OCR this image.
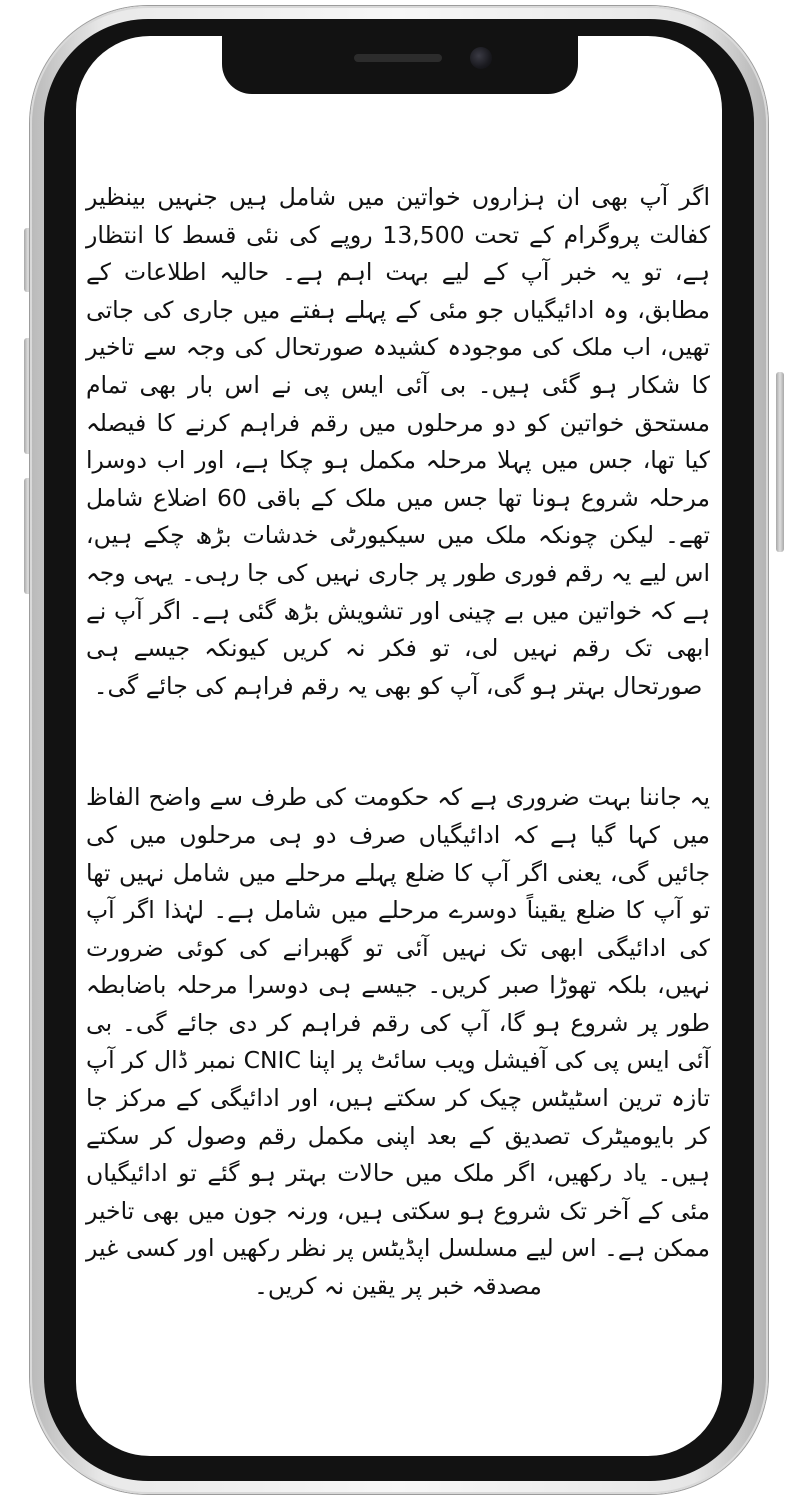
اگر آپ بھی ان ہزاروں خواتین میں شامل ہیں جنہیں بینظیر کفالت پروگرام کے تحت 13,500 روپے کی نئی قسط کا انتظار ہے، تو یہ خبر آپ کے لیے بہت اہم ہے۔ حالیہ اطلاعات کے مطابق، وہ ادائیگیاں جو مئی کے پہلے ہفتے میں جاری کی جاتی تھیں، اب ملک کی موجودہ کشیدہ صورتحال کی وجہ سے تاخیر کا شکار ہو گئی ہیں۔ بی آئی ایس پی نے اس بار بھی تمام مستحق خواتین کو دو مرحلوں میں رقم فراہم کرنے کا فیصلہ کیا تھا، جس میں پہلا مرحلہ مکمل ہو چکا ہے، اور اب دوسرا مرحلہ شروع ہونا تھا جس میں ملک کے باقی 60 اضلاع شامل تھے۔ لیکن چونکہ ملک میں سیکیورٹی خدشات بڑھ چکے ہیں، اس لیے یہ رقم فوری طور پر جاری نہیں کی جا رہی۔ یہی وجہ ہے کہ خواتین میں بے چینی اور تشویش بڑھ گئی ہے۔ اگر آپ نے ابھی تک رقم نہیں لی، تو فکر نہ کریں کیونکہ جیسے ہی صورتحال بہتر ہو گی، آپ کو بھی یہ رقم فراہم کی جائے گی۔

یہ جاننا بہت ضروری ہے کہ حکومت کی طرف سے واضح الفاظ میں کہا گیا ہے کہ ادائیگیاں صرف دو ہی مرحلوں میں کی جائیں گی، یعنی اگر آپ کا ضلع پہلے مرحلے میں شامل نہیں تھا تو آپ کا ضلع یقیناً دوسرے مرحلے میں شامل ہے۔ لہٰذا اگر آپ کی ادائیگی ابھی تک نہیں آئی تو گھبرانے کی کوئی ضرورت نہیں، بلکہ تھوڑا صبر کریں۔ جیسے ہی دوسرا مرحلہ باضابطہ طور پر شروع ہو گا، آپ کی رقم فراہم کر دی جائے گی۔ بی آئی ایس پی کی آفیشل ویب سائٹ پر اپنا CNIC نمبر ڈال کر آپ تازہ ترین اسٹیٹس چیک کر سکتے ہیں، اور ادائیگی کے مرکز جا کر بایومیٹرک تصدیق کے بعد اپنی مکمل رقم وصول کر سکتے ہیں۔ یاد رکھیں، اگر ملک میں حالات بہتر ہو گئے تو ادائیگیاں مئی کے آخر تک شروع ہو سکتی ہیں، ورنہ جون میں بھی تاخیر ممکن ہے۔ اس لیے مسلسل اپڈیٹس پر نظر رکھیں اور کسی غیر مصدقہ خبر پر یقین نہ کریں۔
